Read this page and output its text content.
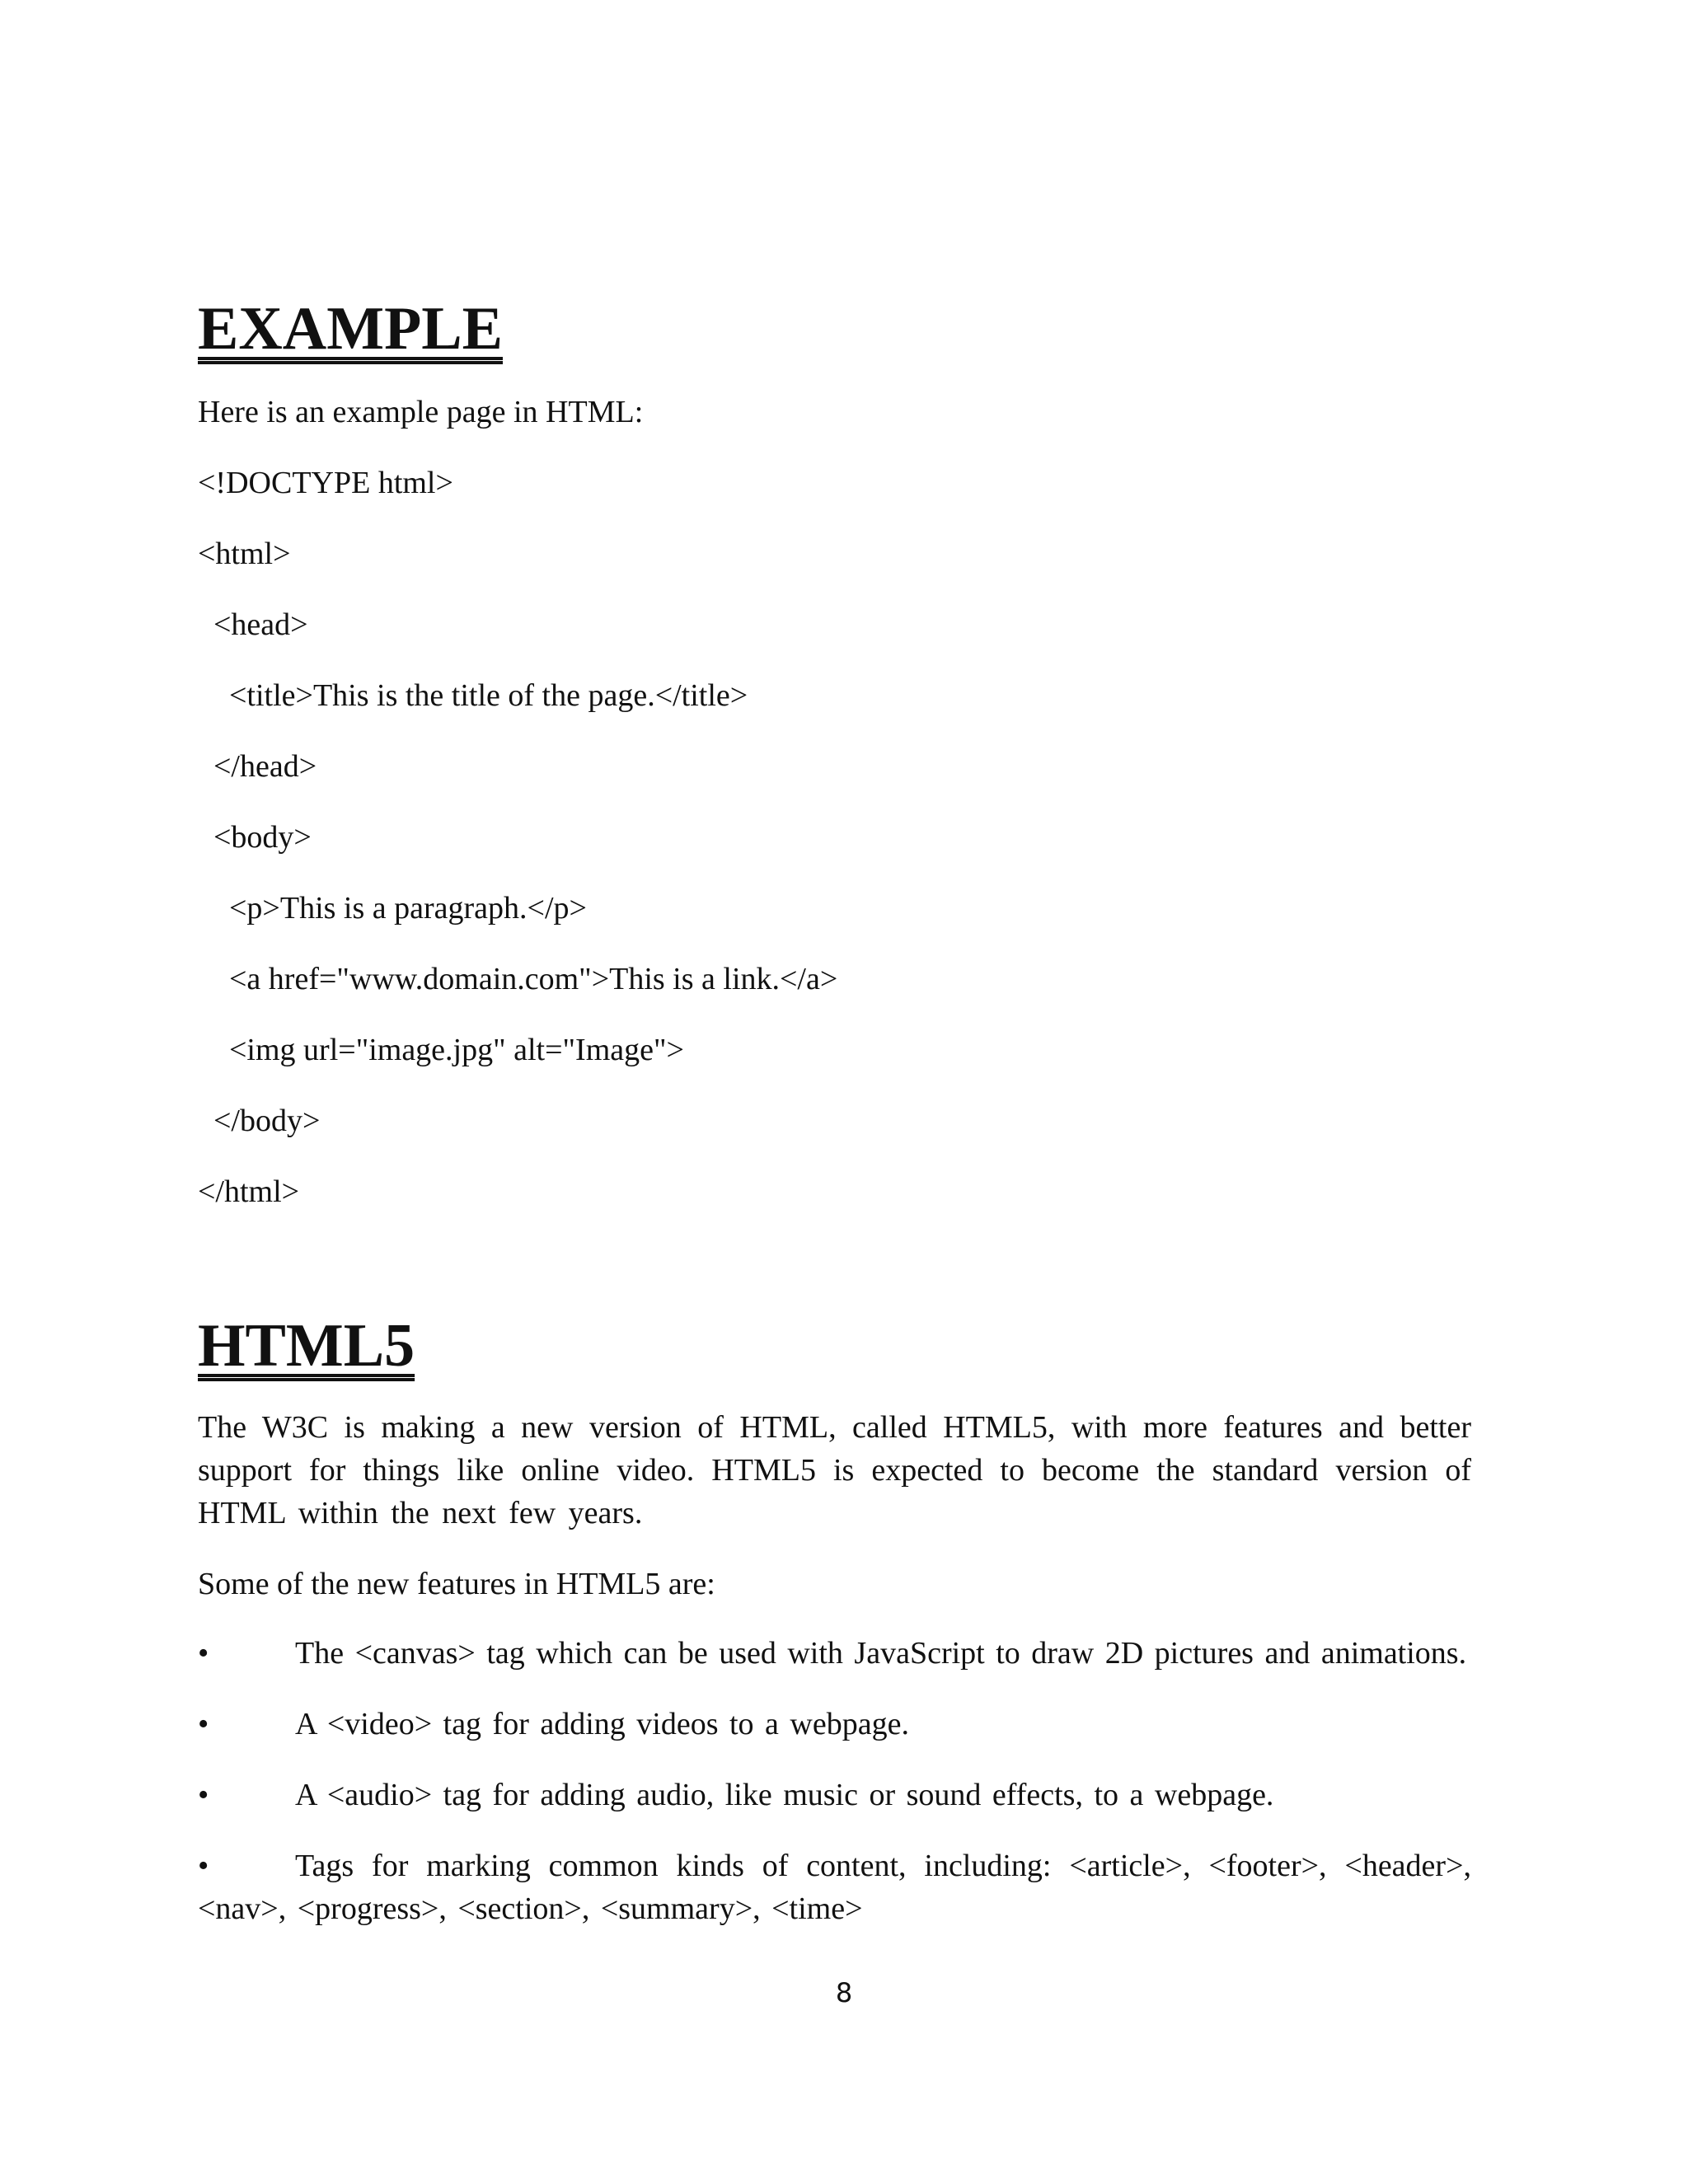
EXAMPLE

Here is an example page in HTML:

<!DOCTYPE html>

<html>

<head>

<title>This is the title of the page.</title>

</head>

<body>

<p>This is a paragraph.</p>

<a href="www.domain.com">This is a link.</a>

<img url="image.jpg" alt="Image">

</body>

</html>

HTML5

The W3C is making a new version of HTML, called HTML5, with more features and better support for things like online video. HTML5 is expected to become the standard version of HTML within the next few years.

Some of the new features in HTML5 are:

•	The <canvas> tag which can be used with JavaScript to draw 2D pictures and animations.
•	A <video> tag for adding videos to a webpage.
•	A <audio> tag for adding audio, like music or sound effects, to a webpage.
•	Tags for marking common kinds of content, including: <article>, <footer>, <header>, <nav>, <progress>, <section>, <summary>, <time>
8
